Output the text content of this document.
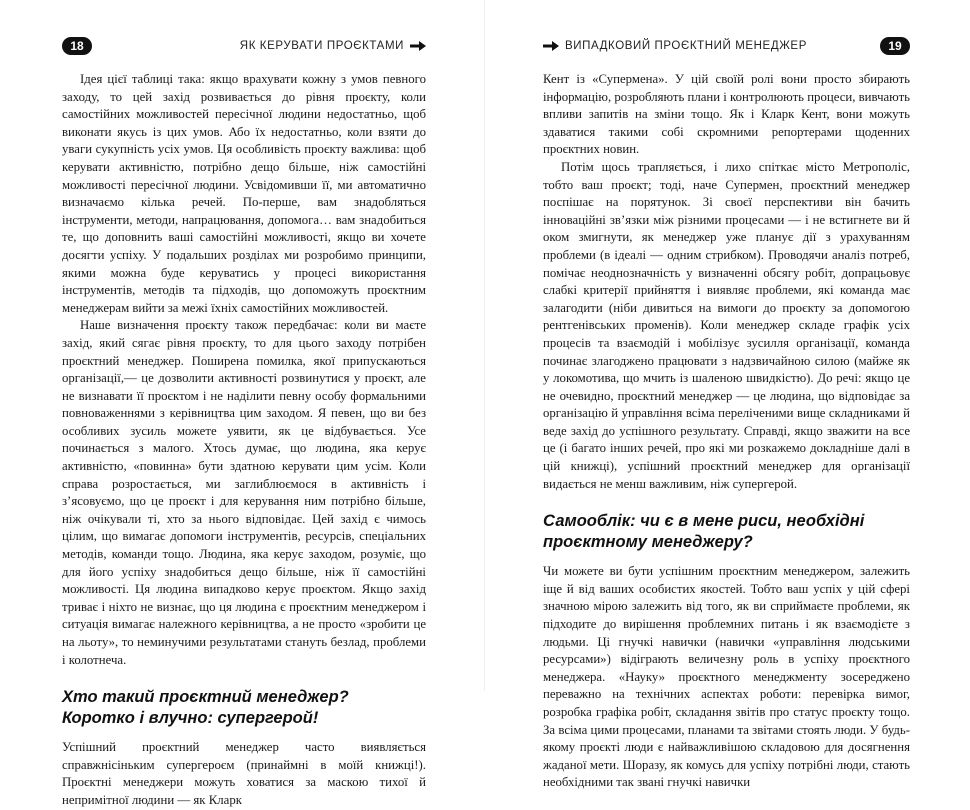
18	ЯК КЕРУВАТИ ПРОЄКТАМИ

Ідея цієї таблиці така: якщо врахувати кожну з умов певного заходу, то цей захід розвивається до рівня проєкту, коли самостійних можливостей пересічної людини недостатньо, щоб виконати якусь із цих умов. Або їх недостатньо, коли взяти до уваги сукупність усіх умов. Ця особливість проєкту важлива: щоб керувати активністю, потрібно дещо більше, ніж самостійні можливості пересічної людини. Усвідомивши її, ми автоматично визначаємо кілька речей. По-перше, вам знадобляться інструменти, методи, напрацювання, допомога… вам знадобиться те, що доповнить ваші самостійні можливості, якщо ви хочете досягти успіху. У подальших розділах ми розробимо принципи, якими можна буде керуватись у процесі використання інструментів, методів та підходів, що допоможуть проєктним менеджерам вийти за межі їхніх самостійних можливостей.

Наше визначення проєкту також передбачає: коли ви маєте захід, який сягає рівня проєкту, то для цього заходу потрібен проєктний менеджер. Поширена помилка, якої припускаються організації,— це дозволити активності розвинутися у проєкт, але не визнавати її проєктом і не наділити певну особу формальними повноваженнями з керівництва цим заходом. Я певен, що ви без особливих зусиль можете уявити, як це відбувається. Усе починається з малого. Хтось думає, що людина, яка керує активністю, «повинна» бути здатною керувати цим усім. Коли справа розростається, ми заглиблюємося в активність і з’ясовуємо, що це проєкт і для керування ним потрібно більше, ніж очікували ті, хто за нього відповідає. Цей захід є чимось цілим, що вимагає допомоги інструментів, ресурсів, спеціальних методів, команди тощо. Людина, яка керує заходом, розуміє, що для його успіху знадобиться дещо більше, ніж її самостійні можливості. Ця людина випадково керує проєктом. Якщо захід триває і ніхто не визнає, що ця людина є проєктним менеджером і ситуація вимагає належного керівництва, а не просто «зробити це на льоту», то неминучими результатами стануть безлад, проблеми і колотнеча.

Хто такий проєктний менеджер? Коротко і влучно: супергерой!

Успішний проєктний менеджер часто виявляється справжнісіньким супергероєм (принаймні в моїй книжці!). Проєктні менеджери можуть ховатися за маскою тихої й непримітної людини — як Кларк

ВИПАДКОВИЙ ПРОЄКТНИЙ МЕНЕДЖЕР	19

Кент із «Супермена». У цій своїй ролі вони просто збирають інформацію, розробляють плани і контролюють процеси, вивчають впливи запитів на зміни тощо. Як і Кларк Кент, вони можуть здаватися такими собі скромними репортерами щоденних проєктних новин.

Потім щось трапляється, і лихо спіткає місто Метрополіс, тобто ваш проєкт; тоді, наче Супермен, проєктний менеджер поспішає на порятунок. Зі своєї перспективи він бачить інноваційні зв’язки між різними процесами — і не встигнете ви й оком змигнути, як менеджер уже планує дії з урахуванням проблеми (в ідеалі — одним стрибком). Проводячи аналіз потреб, помічає неоднозначність у визначенні обсягу робіт, допрацьовує слабкі критерії прийняття і виявляє проблеми, які команда має залагодити (ніби дивиться на вимоги до проєкту за допомогою рентгенівських променів). Коли менеджер складе графік усіх процесів та взаємодій і мобілізує зусилля організації, команда починає злагоджено працювати з надзвичайною силою (майже як у локомотива, що мчить із шаленою швидкістю). До речі: якщо це не очевидно, проєктний менеджер — це людина, що відповідає за організацію й управління всіма переліченими вище складниками й веде захід до успішного результату. Справді, якщо зважити на все це (і багато інших речей, про які ми розкажемо докладніше далі в цій книжці), успішний проєктний менеджер для організації видається не менш важливим, ніж супергерой.

Самооблік: чи є в мене риси, необхідні проєктному менеджеру?

Чи можете ви бути успішним проєктним менеджером, залежить іще й від ваших особистих якостей. Тобто ваш успіх у цій сфері значною мірою залежить від того, як ви сприймаєте проблеми, як підходите до вирішення проблемних питань і як взаємодієте з людьми. Ці гнучкі навички (навички «управління людськими ресурсами») відіграють величезну роль в успіху проєктного менеджера. «Науку» проєктного менеджменту зосереджено переважно на технічних аспектах роботи: перевірка вимог, розробка графіка робіт, складання звітів про статус проєкту тощо. За всіма цими процесами, планами та звітами стоять люди. У будь-якому проєкті люди є найважливішою складовою для досягнення жаданої мети. Шоразу, як комусь для успіху потрібні люди, стають необхідними так звані гнучкі навички
